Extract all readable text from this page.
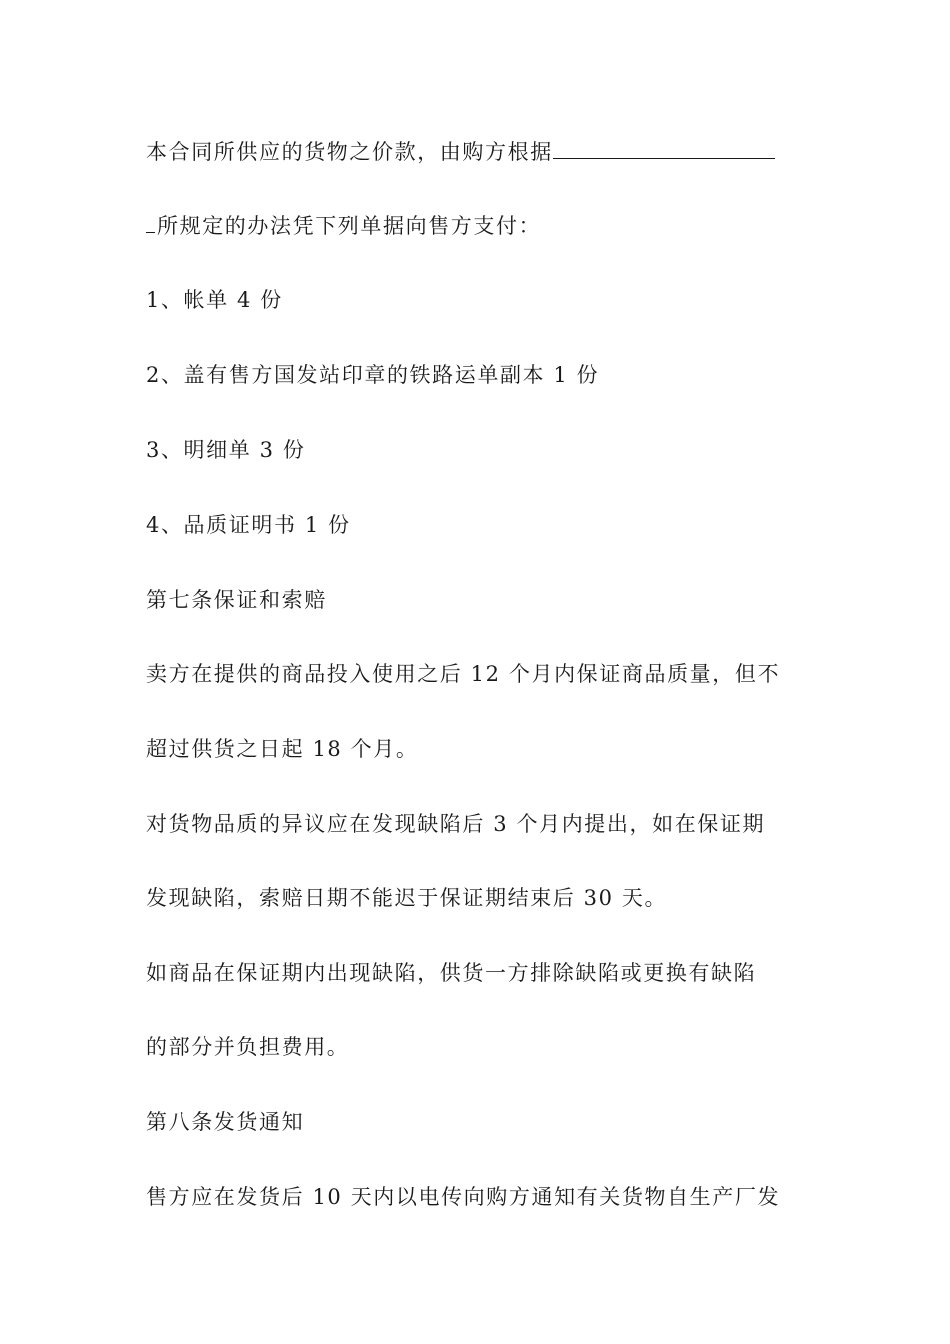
本合同所供应的货物之价款，由购方根据
所规定的办法凭下列单据向售方支付：
1、帐单 4 份
2、盖有售方国发站印章的铁路运单副本 1 份
3、明细单 3 份
4、品质证明书 1 份
第七条保证和索赔
卖方在提供的商品投入使用之后 12 个月内保证商品质量，但不
超过供货之日起 18 个月。
对货物品质的异议应在发现缺陷后 3 个月内提出，如在保证期
发现缺陷，索赔日期不能迟于保证期结束后 30 天。
如商品在保证期内出现缺陷，供货一方排除缺陷或更换有缺陷
的部分并负担费用。
第八条发货通知
售方应在发货后 10 天内以电传向购方通知有关货物自生产厂发
